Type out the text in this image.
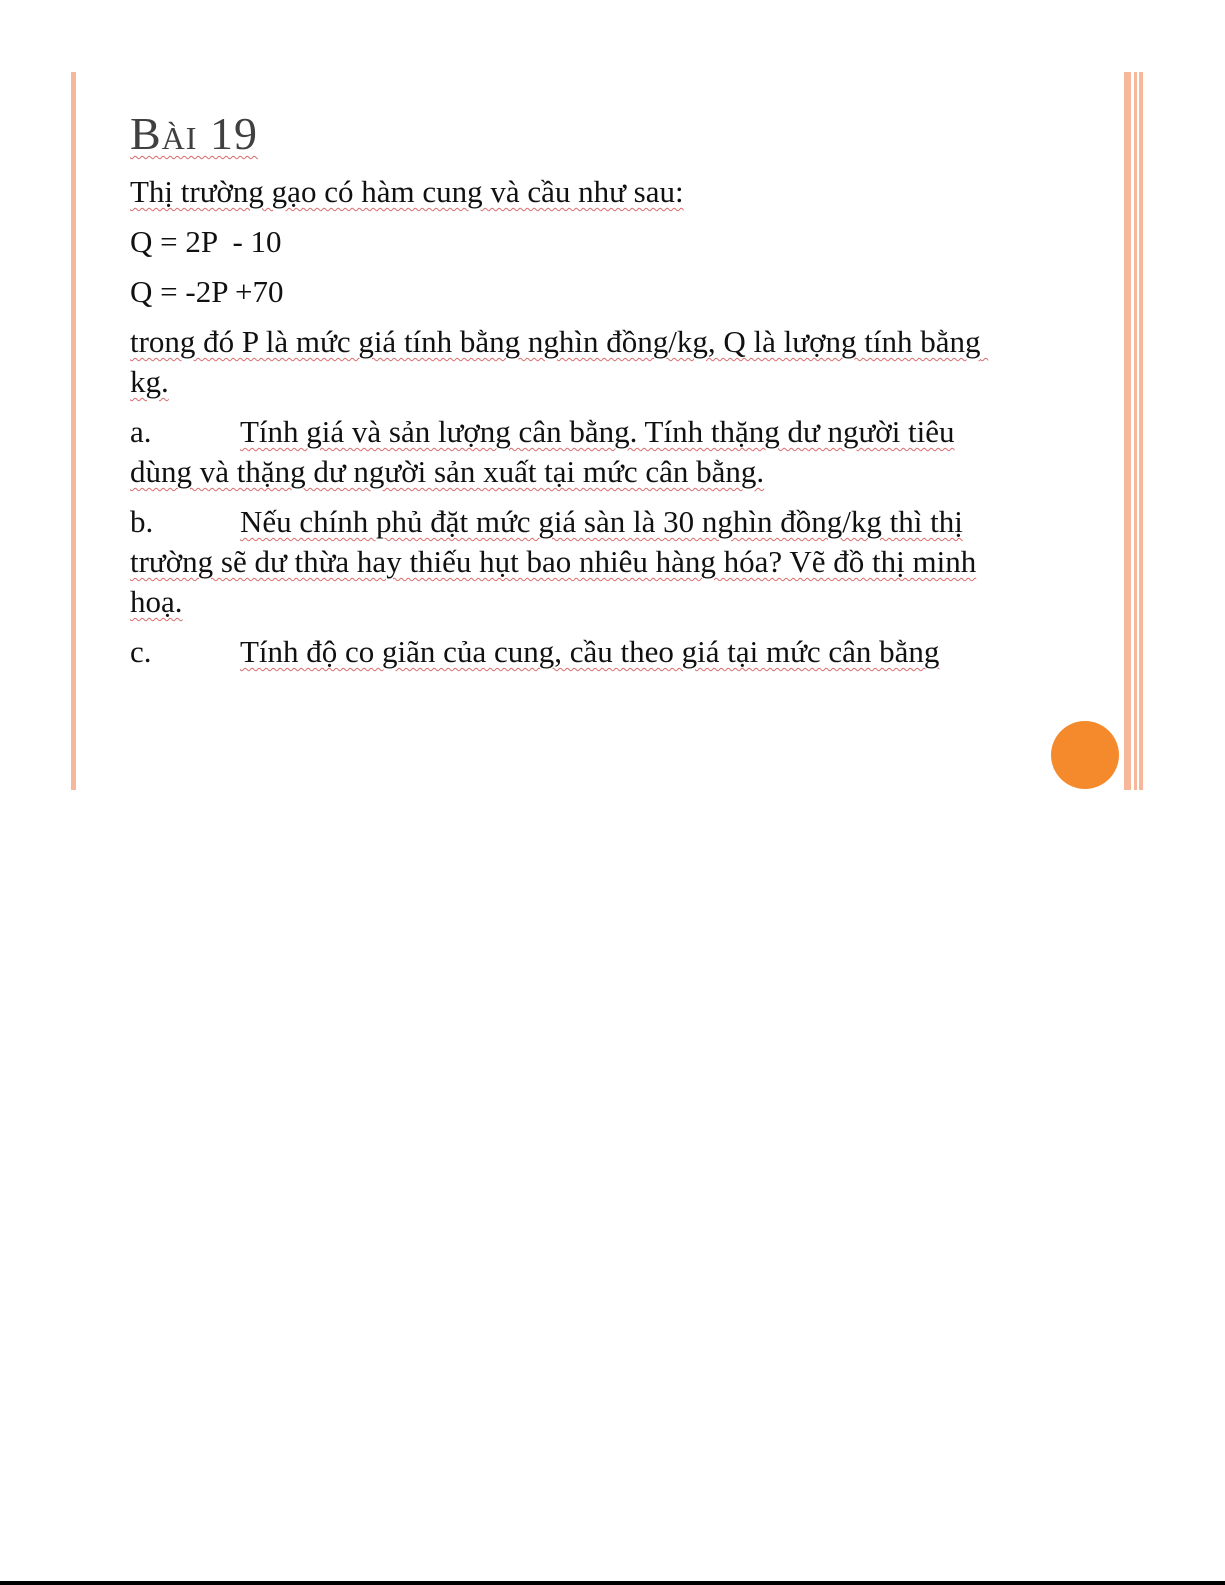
Bài 19

Thị trường gạo có hàm cung và cầu như sau:

Q = 2P  - 10

Q = -2P +70

trong đó P là mức giá tính bằng nghìn đồng/kg, Q là lượng tính bằng kg.

a.	Tính giá và sản lượng cân bằng. Tính thặng dư người tiêu dùng và thặng dư người sản xuất tại mức cân bằng.

b.	Nếu chính phủ đặt mức giá sàn là 30 nghìn đồng/kg thì thị trường sẽ dư thừa hay thiếu hụt bao nhiêu hàng hóa? Vẽ đồ thị minh hoạ.

c.	Tính độ co giãn của cung, cầu theo giá tại mức cân bằng
